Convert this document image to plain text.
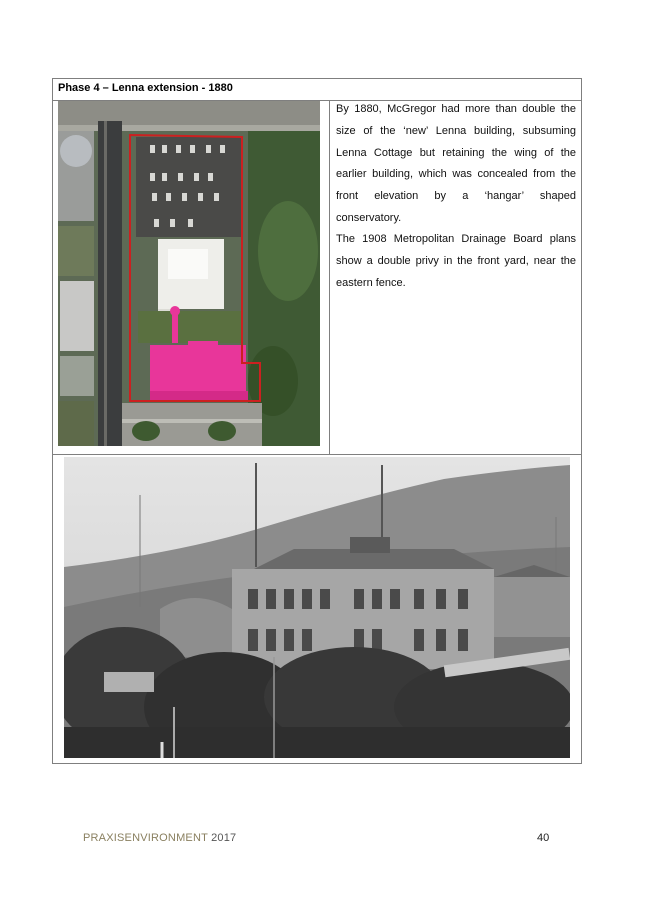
Phase 4 – Lenna extension - 1880

By 1880, McGregor had more than double the size of the ‘new’ Lenna building, subsuming Lenna Cottage but retaining the wing of the earlier building, which was concealed from the front elevation by a ‘hangar’ shaped conservatory.

The 1908 Metropolitan Drainage Board plans show a double privy in the front yard, near the eastern fence.

PRAXISENVIRONMENT 2017	40
